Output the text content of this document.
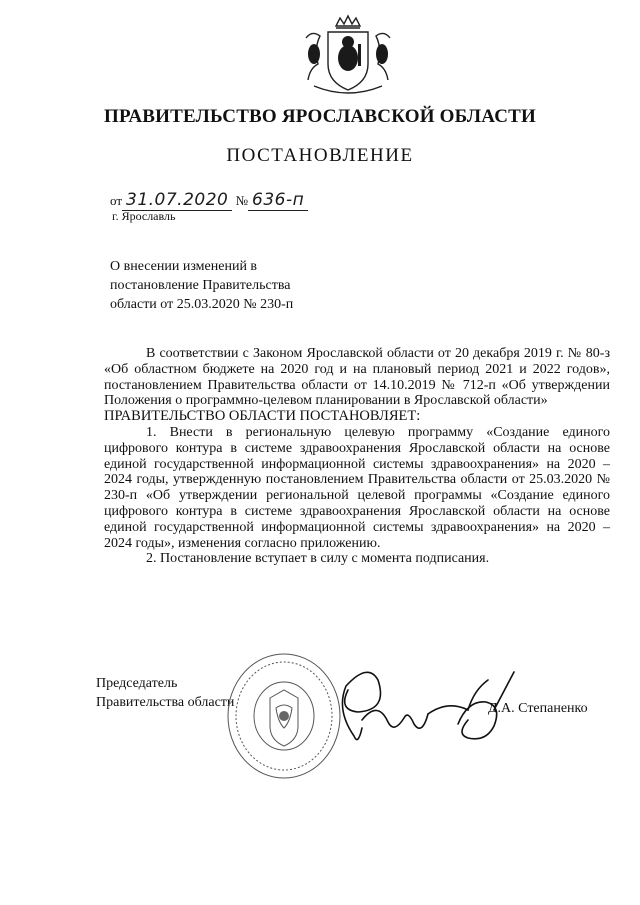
ПРАВИТЕЛЬСТВО ЯРОСЛАВСКОЙ ОБЛАСТИ
ПОСТАНОВЛЕНИЕ
от 31.07.2020 № 636-п
г. Ярославль
О внесении изменений в
постановление Правительства
области от 25.03.2020 № 230-п

В соответствии с Законом Ярославской области от 20 декабря 2019 г. № 80-з «Об областном бюджете на 2020 год и на плановый период 2021 и 2022 годов», постановлением Правительства области от 14.10.2019 № 712-п «Об утверждении Положения о программно-целевом планировании в Ярославской области»

ПРАВИТЕЛЬСТВО ОБЛАСТИ ПОСТАНОВЛЯЕТ:

1. Внести в региональную целевую программу «Создание единого цифрового контура в системе здравоохранения Ярославской области на основе единой государственной информационной системы здравоохранения» на 2020 – 2024 годы, утвержденную постановлением Правительства области от 25.03.2020 № 230-п «Об утверждении региональной целевой программы «Создание единого цифрового контура в системе здравоохранения Ярославской области на основе единой государственной информационной системы здравоохранения» на 2020 – 2024 годы», изменения согласно приложению.

2. Постановление вступает в силу с момента подписания.

Председатель
Правительства области	Д.А. Степаненко
